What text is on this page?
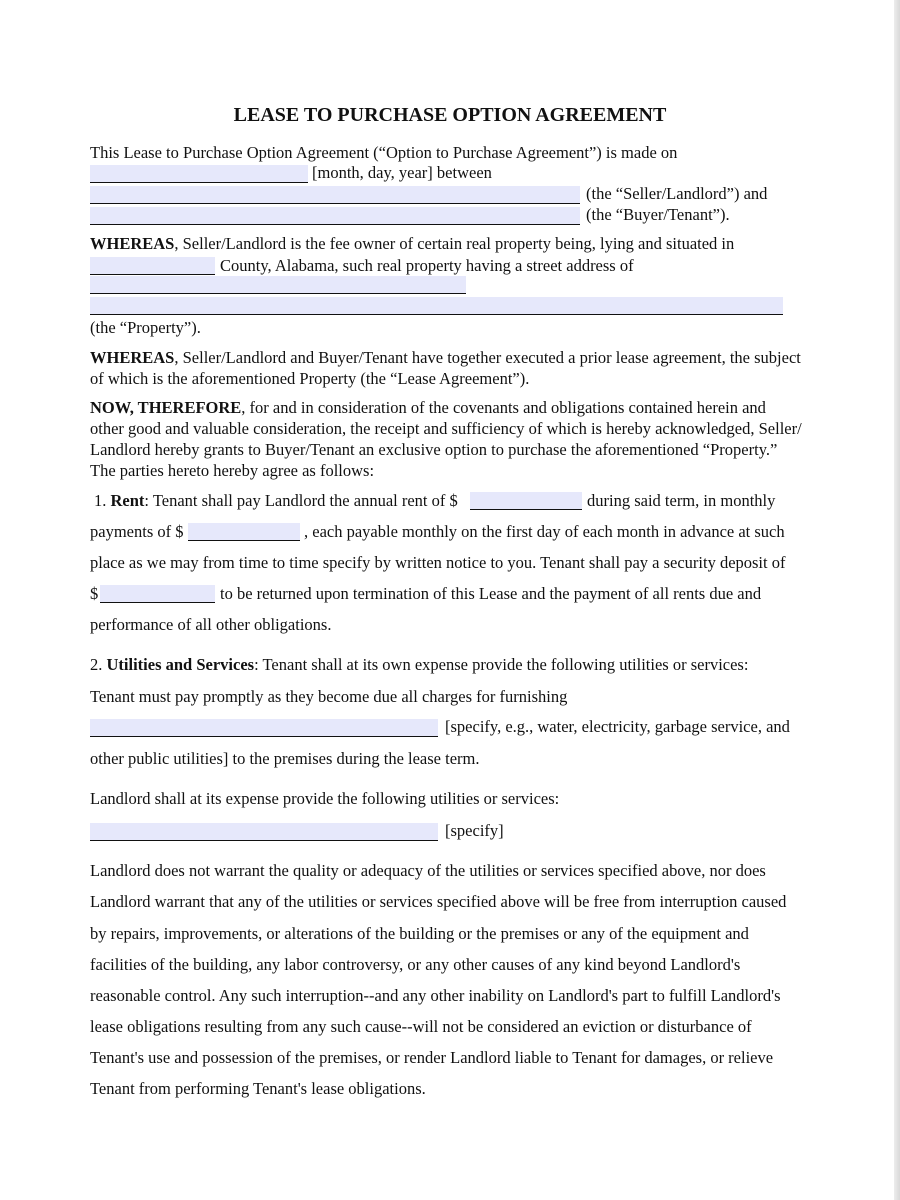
LEASE TO PURCHASE OPTION AGREEMENT
This Lease to Purchase Option Agreement (“Option to Purchase Agreement”) is made on
[month, day, year] between
(the “Seller/Landlord”) and
(the “Buyer/Tenant”).
WHEREAS, Seller/Landlord is the fee owner of certain real property being, lying and situated in
County, Alabama, such real property having a street address of
(the “Property”).
WHEREAS, Seller/Landlord and Buyer/Tenant have together executed a prior lease agreement, the subject
of which is the aforementioned Property (the “Lease Agreement”).
NOW, THEREFORE, for and in consideration of the covenants and obligations contained herein and
other good and valuable consideration, the receipt and sufficiency of which is hereby acknowledged, Seller/
Landlord hereby grants to Buyer/Tenant an exclusive option to purchase the aforementioned “Property.”
The parties hereto hereby agree as follows:
1. Rent: Tenant shall pay Landlord the annual rent of $	during said term, in monthly
payments of $	, each payable monthly on the first day of each month in advance at such
place as we may from time to time specify by written notice to you. Tenant shall pay a security deposit of
$	to be returned upon termination of this Lease and the payment of all rents due and
performance of all other obligations.
2. Utilities and Services: Tenant shall at its own expense provide the following utilities or services:
Tenant must pay promptly as they become due all charges for furnishing
[specify, e.g., water, electricity, garbage service, and
other public utilities] to the premises during the lease term.
Landlord shall at its expense provide the following utilities or services:
[specify]
Landlord does not warrant the quality or adequacy of the utilities or services specified above, nor does
Landlord warrant that any of the utilities or services specified above will be free from interruption caused
by repairs, improvements, or alterations of the building or the premises or any of the equipment and
facilities of the building, any labor controversy, or any other causes of any kind beyond Landlord's
reasonable control. Any such interruption--and any other inability on Landlord's part to fulfill Landlord's
lease obligations resulting from any such cause--will not be considered an eviction or disturbance of
Tenant's use and possession of the premises, or render Landlord liable to Tenant for damages, or relieve
Tenant from performing Tenant's lease obligations.
